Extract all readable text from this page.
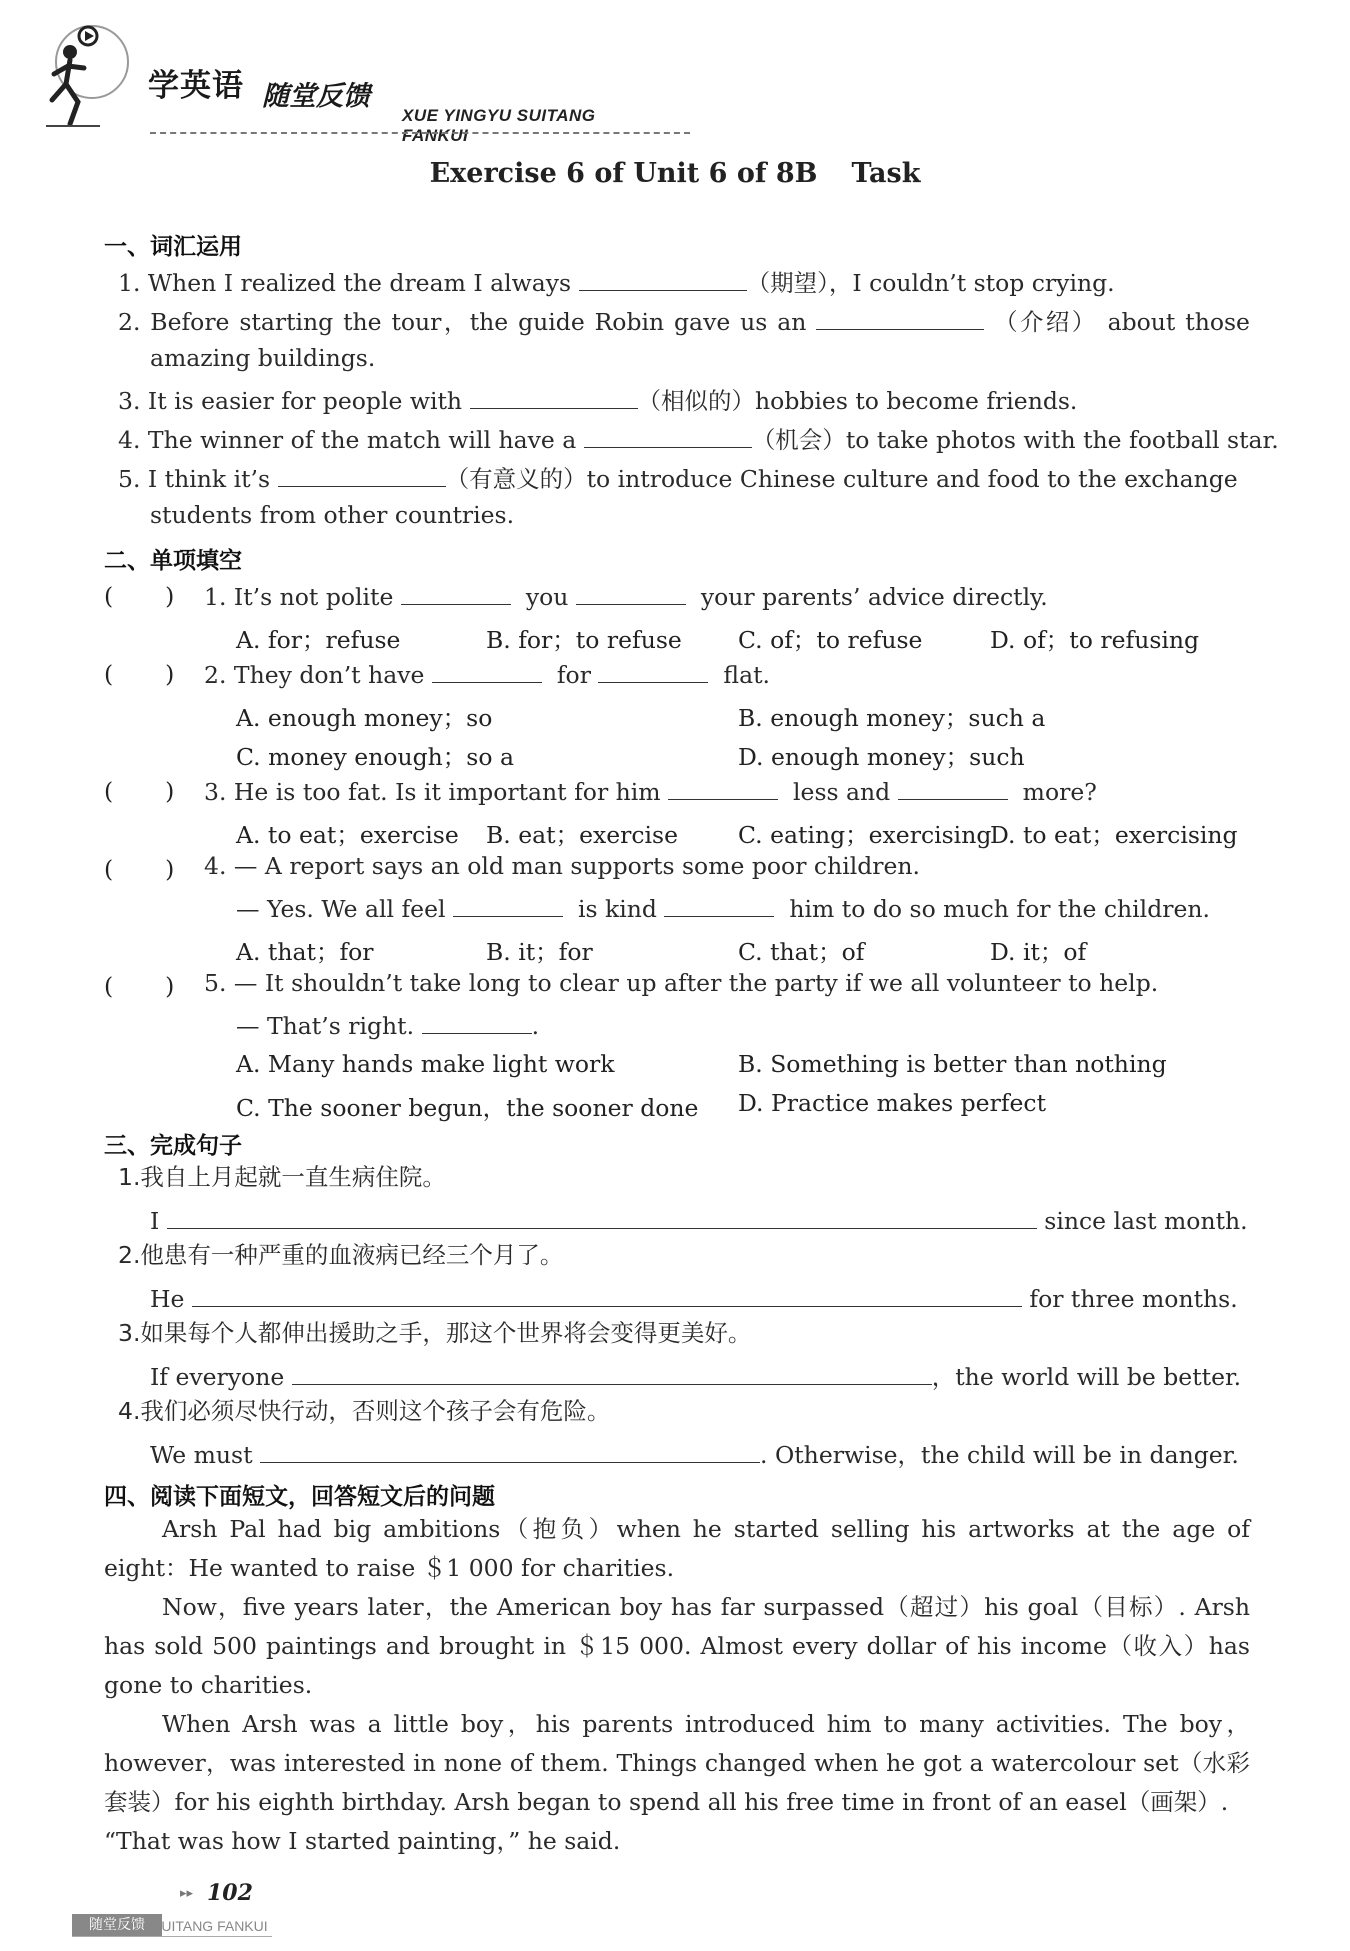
学英语 随堂反馈
XUE YINGYU SUITANG FANKUI
Exercise 6 of Unit 6 of 8B Task
一、词汇运用
1. When I realized the dream I always	（期望），I couldn’t stop crying.
2. Before starting the tour，the guide Robin gave us an	（介绍） about those
amazing buildings.
3. It is easier for people with	（相似的）hobbies to become friends.
4. The winner of the match will have a	（机会）to take photos with the football star.
5. I think it’s	（有意义的）to introduce Chinese culture and food to the exchange
students from other countries.
二、单项填空
( ) 1. It’s not polite	you	your parents’ advice directly.
A. for；refuse	B. for；to refuse C. of；to refuse	D. of；to refusing
( ) 2. They don’t have	for	flat.
A. enough money；so	B. enough money；such a
C. money enough；so a	D. enough money；such
( ) 3. He is too fat. Is it important for him	less and	more?
A. to eat；exercise B. eat；exercise	C. eating；exercising
D. to eat；exercising
( ) 4. — A report says an old man supports some poor children.
— Yes. We all feel	is kind	him to do so much for the children.
A. that；for	B. it；for	C. that；of	D. it；of
( ) 5. — It shouldn’t take long to clear up after the party if we all volunteer to help.
— That’s right.	.
A. Many hands make light work	B. Something is better than nothing
C. The sooner begun，the sooner done D. Practice makes perfect
三、完成句子
1.我自上月起就一直生病住院。
I	since last month.
2.他患有一种严重的血液病已经三个月了。
He	for three months.
3.如果每个人都伸出援助之手，那这个世界将会变得更美好。
If everyone	，the world will be better.
4.我们必须尽快行动，否则这个孩子会有危险。
We must	. Otherwise，the child will be in danger.
四、阅读下面短文，回答短文后的问题

Arsh Pal had big ambitions（抱负）when he started selling his artworks at the age of eight：He wanted to raise ＄1 000 for charities.

Now，five years later，the American boy has far surpassed（超过）his goal（目标）. Arsh has sold 500 paintings and brought in ＄15 000. Almost every dollar of his income（收入）has gone to charities.

When Arsh was a little boy，his parents introduced him to many activities. The boy，however，was interested in none of them. Things changed when he got a watercolour set（水彩套装）for his eighth birthday. Arsh began to spend all his free time in front of an easel（画架）.

“That was how I started painting，” he said.

▸▸ 102
随堂反馈 SUITANG FANKUI
